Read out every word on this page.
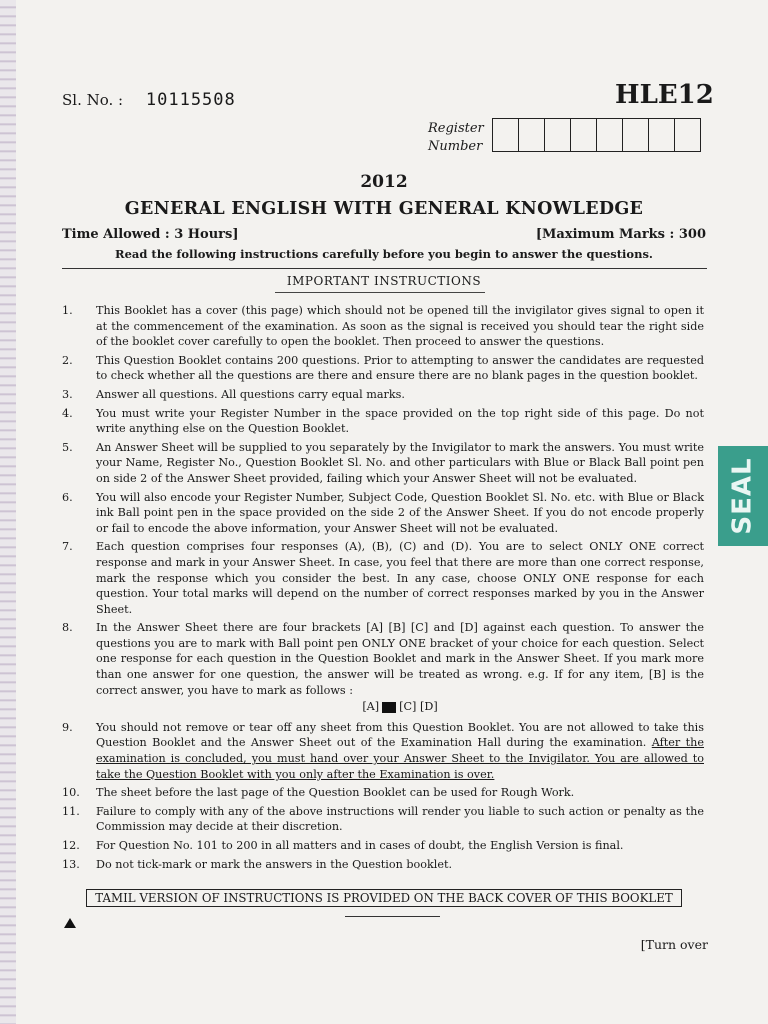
Sl. No. : 10115508	HLE12
Register
Number
2012
GENERAL ENGLISH WITH GENERAL KNOWLEDGE
Time Allowed : 3 Hours]	[Maximum Marks : 300
Read the following instructions carefully before you begin to answer the questions.
IMPORTANT INSTRUCTIONS
1.	This Booklet has a cover (this page) which should not be opened till the invigilator gives signal to open it at the commencement of the examination. As soon as the signal is received you should tear the right side of the booklet cover carefully to open the booklet. Then proceed to answer the questions.
2.	This Question Booklet contains 200 questions. Prior to attempting to answer the candidates are requested to check whether all the questions are there and ensure there are no blank pages in the question booklet.
3.	Answer all questions. All questions carry equal marks.
4.	You must write your Register Number in the space provided on the top right side of this page. Do not write anything else on the Question Booklet.
5.	An Answer Sheet will be supplied to you separately by the Invigilator to mark the answers. You must write your Name, Register No., Question Booklet Sl. No. and other particulars with Blue or Black Ball point pen on side 2 of the Answer Sheet provided, failing which your Answer Sheet will not be evaluated.
6.	You will also encode your Register Number, Subject Code, Question Booklet Sl. No. etc. with Blue or Black ink Ball point pen in the space provided on the side 2 of the Answer Sheet. If you do not encode properly or fail to encode the above information, your Answer Sheet will not be evaluated.
7.	Each question comprises four responses (A), (B), (C) and (D). You are to select ONLY ONE correct response and mark in your Answer Sheet. In case, you feel that there are more than one correct response, mark the response which you consider the best. In any case, choose ONLY ONE response for each question. Your total marks will depend on the number of correct responses marked by you in the Answer Sheet.
8.	In the Answer Sheet there are four brackets [A] [B] [C] and [D] against each question. To answer the questions you are to mark with Ball point pen ONLY ONE bracket of your choice for each question. Select one response for each question in the Question Booklet and mark in the Answer Sheet. If you mark more than one answer for one question, the answer will be treated as wrong. e.g. If for any item, [B] is the correct answer, you have to mark as follows :
[A] [C] [D]
9.	You should not remove or tear off any sheet from this Question Booklet. You are not allowed to take this Question Booklet and the Answer Sheet out of the Examination Hall during the examination. After the examination is concluded, you must hand over your Answer Sheet to the Invigilator. You are allowed to take the Question Booklet with you only after the Examination is over.
10.	The sheet before the last page of the Question Booklet can be used for Rough Work.
11.	Failure to comply with any of the above instructions will render you liable to such action or penalty as the Commission may decide at their discretion.
12.	For Question No. 101 to 200 in all matters and in cases of doubt, the English Version is final.
13.	Do not tick-mark or mark the answers in the Question booklet.
TAMIL VERSION OF INSTRUCTIONS IS PROVIDED ON THE BACK COVER OF THIS BOOKLET
[Turn over
SEAL
